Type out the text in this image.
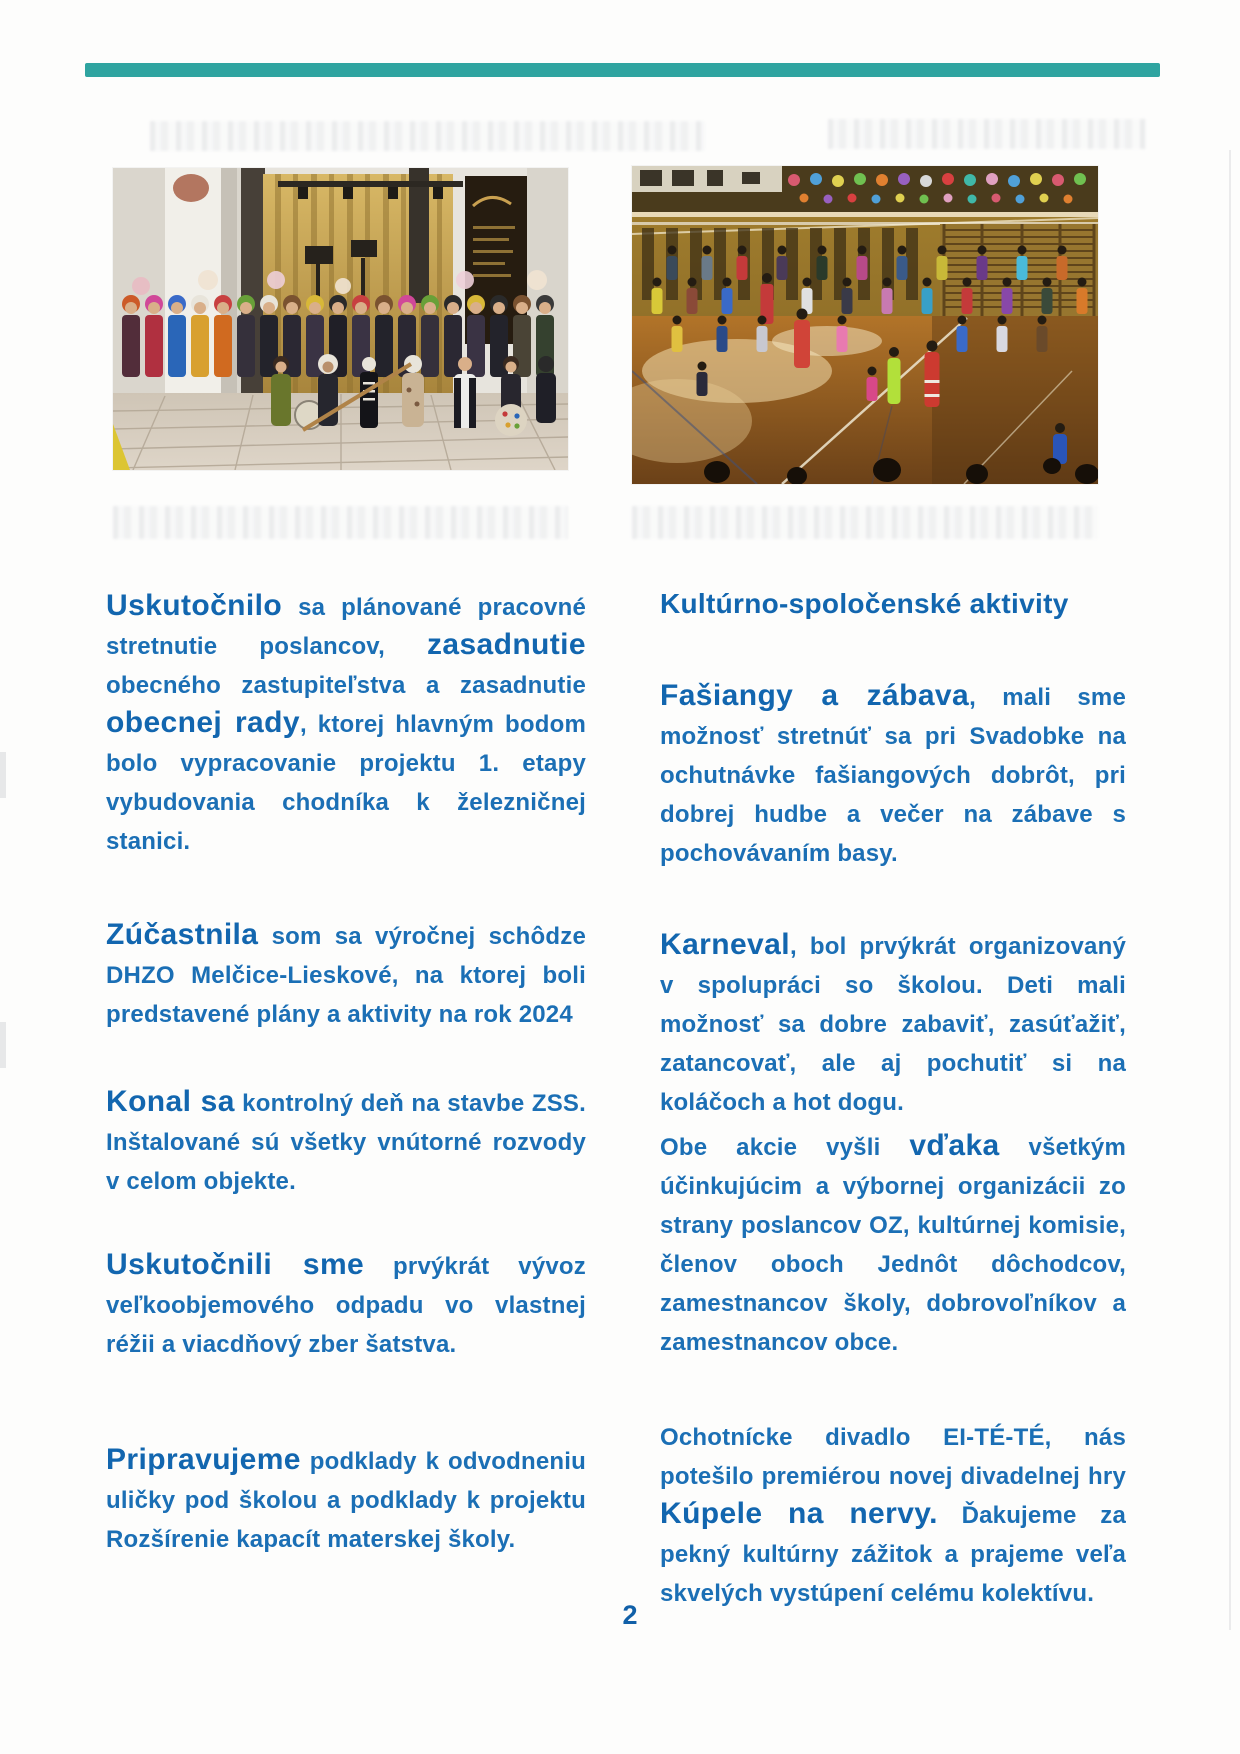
Uskutočnilo sa plánované pracovné stretnutie poslancov, zasadnutie obecného zastupiteľstva a zasadnutie obecnej rady, ktorej hlavným bodom bolo vypracovanie projektu 1. etapy vybudovania chodníka k železničnej stanici.

Zúčastnila som sa výročnej schôdze DHZO Melčice-Lieskové, na ktorej boli predstavené plány a aktivity na rok 2024

Konal sa kontrolný deň na stavbe ZSS. Inštalované sú všetky vnútorné rozvody v celom objekte.

Uskutočnili sme prvýkrát vývoz veľkoobjemového odpadu vo vlastnej réžii a viacdňový zber šatstva.

Pripravujeme podklady k odvodneniu uličky pod školou a podklady k projektu Rozšírenie kapacít materskej školy.

Kultúrno-spoločenské aktivity

Fašiangy a zábava, mali sme možnosť stretnúť sa pri Svadobke na ochutnávke fašiangových dobrôt, pri dobrej hudbe a večer na zábave s pochovávaním basy.

Karneval, bol prvýkrát organizovaný v spolupráci so školou. Deti mali možnosť sa dobre zabaviť, zasúťažiť, zatancovať, ale aj pochutiť si na koláčoch a hot dogu.

Obe akcie vyšli vďaka všetkým účinkujúcim a výbornej organizácii zo strany poslancov OZ, kultúrnej komisie, členov oboch Jednôt dôchodcov, zamestnancov školy, dobrovoľníkov a zamestnancov obce.

Ochotnícke divadlo EI-TÉ-TÉ, nás potešilo premiérou novej divadelnej hry Kúpele na nervy. Ďakujeme za pekný kultúrny zážitok a prajeme veľa skvelých vystúpení celému kolektívu.

2
